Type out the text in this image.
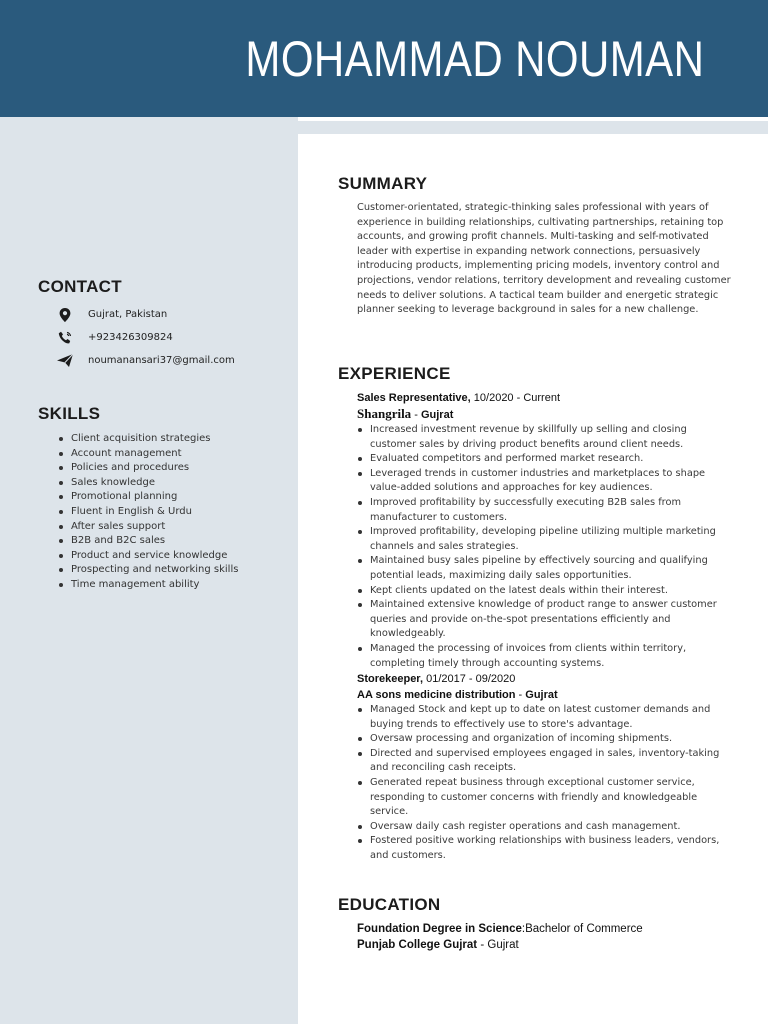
MOHAMMAD NOUMAN
CONTACT
Gujrat, Pakistan
+923426309824
noumanansari37@gmail.com
SKILLS
Client acquisition strategies
Account management
Policies and procedures
Sales knowledge
Promotional planning
Fluent in English & Urdu
After sales support
B2B and B2C sales
Product and service knowledge
Prospecting and networking skills
Time management ability
SUMMARY

Customer-orientated, strategic-thinking sales professional with years of experience in building relationships, cultivating partnerships, retaining top accounts, and growing profit channels. Multi-tasking and self-motivated leader with expertise in expanding network connections, persuasively introducing products, implementing pricing models, inventory control and projections, vendor relations, territory development and revealing customer needs to deliver solutions. A tactical team builder and energetic strategic planner seeking to leverage background in sales for a new challenge.

EXPERIENCE
Sales Representative, 10/2020 - Current
Shangrila - Gujrat
Increased investment revenue by skillfully up selling and closing customer sales by driving product benefits around client needs.
Evaluated competitors and performed market research.
Leveraged trends in customer industries and marketplaces to shape value-added solutions and approaches for key audiences.
Improved profitability by successfully executing B2B sales from manufacturer to customers.
Improved profitability, developing pipeline utilizing multiple marketing channels and sales strategies.
Maintained busy sales pipeline by effectively sourcing and qualifying potential leads, maximizing daily sales opportunities.
Kept clients updated on the latest deals within their interest.
Maintained extensive knowledge of product range to answer customer queries and provide on-the-spot presentations efficiently and knowledgeably.
Managed the processing of invoices from clients within territory, completing timely through accounting systems.
Storekeeper, 01/2017 - 09/2020
AA sons medicine distribution - Gujrat
Managed Stock and kept up to date on latest customer demands and buying trends to effectively use to store's advantage.
Oversaw processing and organization of incoming shipments.
Directed and supervised employees engaged in sales, inventory-taking and reconciling cash receipts.
Generated repeat business through exceptional customer service, responding to customer concerns with friendly and knowledgeable service.
Oversaw daily cash register operations and cash management.
Fostered positive working relationships with business leaders, vendors, and customers.
EDUCATION
Foundation Degree in Science:Bachelor of Commerce
Punjab College Gujrat - Gujrat
